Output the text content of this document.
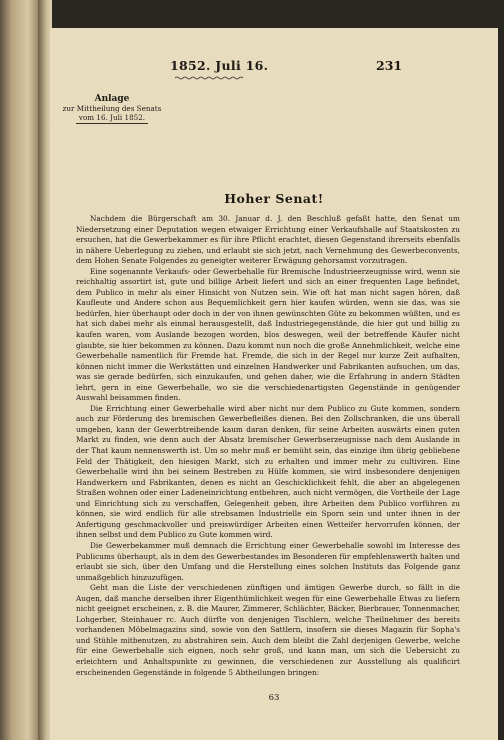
1852. Juli 16.	231
Anlage
zur Mittheilung des Senats
vom 16. Juli 1852.
Hoher Senat!

Nachdem die Bürgerschaft am 30. Januar d. J. den Beschluß gefaßt hatte, den Senat um Niedersetzung einer Deputation wegen etwaiger Errichtung einer Verkaufshalle auf Staatskosten zu ersuchen, hat die Gewerbekammer es für ihre Pflicht erachtet, diesen Gegenstand ihrerseits ebenfalls in nähere Ueberlegung zu ziehen, und erlaubt sie sich jetzt, nach Vernehmung des Gewerbeconvents, dem Hohen Senate Folgendes zu geneigter weiterer Erwägung gehorsamst vorzutragen.

Eine sogenannte Verkaufs- oder Gewerbehalle für Bremische Industrieerzeugnisse wird, wenn sie reichhaltig assortirt ist, gute und billige Arbeit liefert und sich an einer frequenten Lage befindet, dem Publico in mehr als einer Hinsicht von Nutzen sein. Wie oft hat man nicht sagen hören, daß Kaufleute und Andere schon aus Bequemlichkeit gern hier kaufen würden, wenn sie das, was sie bedürfen, hier überhaupt oder doch in der von ihnen gewünschten Güte zu bekommen wüßten, und es hat sich dabei mehr als einmal herausgestellt, daß Industriegegenstände, die hier gut und billig zu kaufen waren, vom Auslande bezogen worden, blos deswegen, weil der betreffende Käufer nicht glaubte, sie hier bekommen zu können. Dazu kommt nun noch die große Annehmlichkeit, welche eine Gewerbehalle namentlich für Fremde hat. Fremde, die sich in der Regel nur kurze Zeit aufhalten, können nicht immer die Werkstätten und einzelnen Handwerker und Fabrikanten aufsuchen, um das, was sie gerade bedürfen, sich einzukaufen, und gehen daher, wie die Erfahrung in andern Städten lehrt, gern in eine Gewerbehalle, wo sie die verschiedenartigsten Gegenstände in genügender Auswahl beisammen finden.

Die Errichtung einer Gewerbehalle wird aber nicht nur dem Publico zu Gute kommen, sondern auch zur Förderung des bremischen Gewerbefleißes dienen. Bei den Zollschranken, die uns überall umgeben, kann der Gewerbtreibende kaum daran denken, für seine Arbeiten auswärts einen guten Markt zu finden, wie denn auch der Absatz bremischer Gewerbserzeugnisse nach dem Auslande in der That kaum nennenswerth ist. Um so mehr muß er bemüht sein, das einzige ihm übrig gebliebene Feld der Thätigkeit, den hiesigen Markt, sich zu erhalten und immer mehr zu cultiviren. Eine Gewerbehalle wird ihn bei seinem Bestreben zu Hülfe kommen, sie wird insbesondere denjenigen Handwerkern und Fabrikanten, denen es nicht an Geschicklichkeit fehlt, die aber an abgelegenen Straßen wohnen oder einer Ladeneinrichtung entbehren, auch nicht vermögen, die Vortheile der Lage und Einrichtung sich zu verschaffen, Gelegenheit geben, ihre Arbeiten dem Publico vorführen zu können, sie wird endlich für alle strebsamen Industrielle ein Sporn sein und unter ihnen in der Anfertigung geschmackvoller und preiswürdiger Arbeiten einen Wetteifer hervorrufen können, der ihnen selbst und dem Publico zu Gute kommen wird.

Die Gewerbekammer muß demnach die Errichtung einer Gewerbehalle sowohl im Interesse des Publicums überhaupt, als in dem des Gewerbestandes im Besonderen für empfehlenswerth halten und erlaubt sie sich, über den Umfang und die Herstellung eines solchen Instituts das Folgende ganz unmaßgeblich hinzuzufügen.

Geht man die Liste der verschiedenen zünftigen und ämtigen Gewerbe durch, so fällt in die Augen, daß manche derselben ihrer Eigenthümlichkeit wegen für eine Gewerbehalle Etwas zu liefern nicht geeignet erscheinen, z. B. die Maurer, Zimmerer, Schlächter, Bäcker, Bierbrauer, Tonnenmacher, Lohgerber, Steinhauer rc. Auch dürfte von denjenigen Tischlern, welche Theilnehmer des bereits vorhandenen Möbelmagazins sind, sowie von den Sattlern, insofern sie dieses Magazin für Sopha's und Stühle mitbenutzen, zu abstrahiren sein. Auch dem bleibt die Zahl derjenigen Gewerbe, welche für eine Gewerbehalle sich eignen, noch sehr groß, und kann man, um sich die Uebersicht zu erleichtern und Anhaltspunkte zu gewinnen, die verschiedenen zur Ausstellung als qualificirt erscheinenden Gegenstände in folgende 5 Abtheilungen bringen:

63
